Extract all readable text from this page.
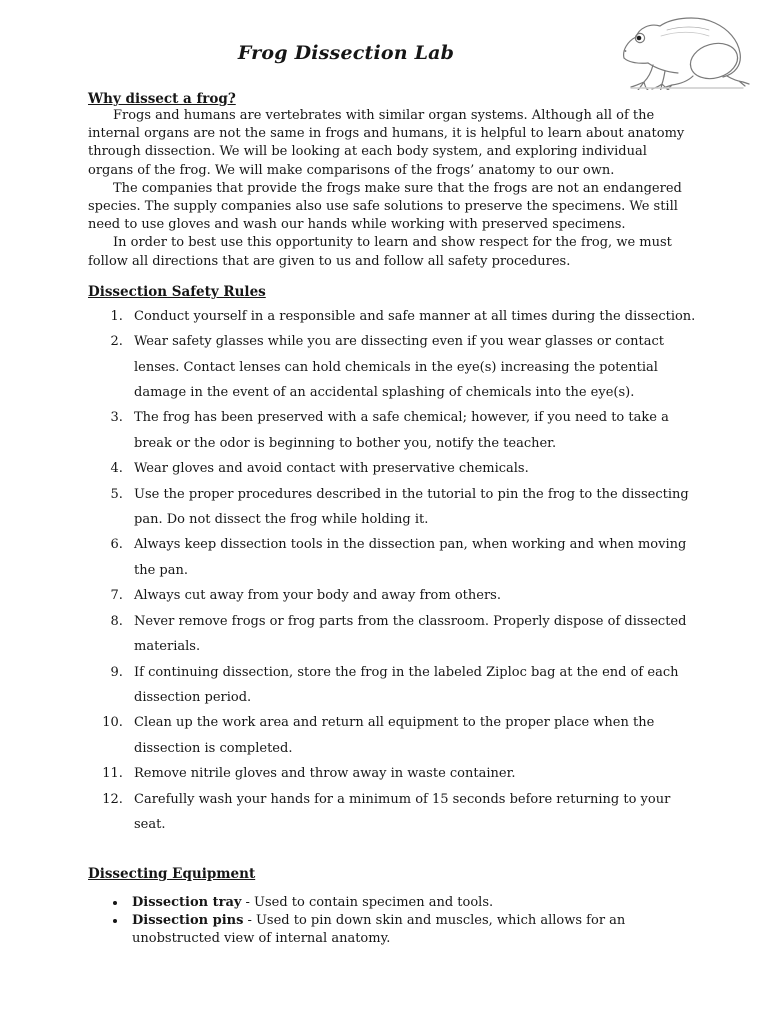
Frog Dissection Lab
Why dissect a frog?

Frogs and humans are vertebrates with similar organ systems. Although all of the internal organs are not the same in frogs and humans, it is helpful to learn about anatomy through dissection. We will be looking at each body system, and exploring individual organs of the frog. We will make comparisons of the frogs’ anatomy to our own.

The companies that provide the frogs make sure that the frogs are not an endangered species. The supply companies also use safe solutions to preserve the specimens. We still need to use gloves and wash our hands while working with preserved specimens.

In order to best use this opportunity to learn and show respect for the frog, we must follow all directions that are given to us and follow all safety procedures.

Dissection Safety Rules
1. Conduct yourself in a responsible and safe manner at all times during the dissection.
2. Wear safety glasses while you are dissecting even if you wear glasses or contact lenses. Contact lenses can hold chemicals in the eye(s) increasing the potential damage in the event of an accidental splashing of chemicals into the eye(s).
3. The frog has been preserved with a safe chemical; however, if you need to take a break or the odor is beginning to bother you, notify the teacher.
4. Wear gloves and avoid contact with preservative chemicals.
5. Use the proper procedures described in the tutorial to pin the frog to the dissecting pan. Do not dissect the frog while holding it.
6. Always keep dissection tools in the dissection pan, when working and when moving the pan.
7. Always cut away from your body and away from others.
8. Never remove frogs or frog parts from the classroom. Properly dispose of dissected materials.
9. If continuing dissection, store the frog in the labeled Ziploc bag at the end of each dissection period.
10. Clean up the work area and return all equipment to the proper place when the dissection is completed.
11. Remove nitrile gloves and throw away in waste container.
12. Carefully wash your hands for a minimum of 15 seconds before returning to your seat.
Dissecting Equipment
• Dissection tray - Used to contain specimen and tools.
• Dissection pins - Used to pin down skin and muscles, which allows for an unobstructed view of internal anatomy.
